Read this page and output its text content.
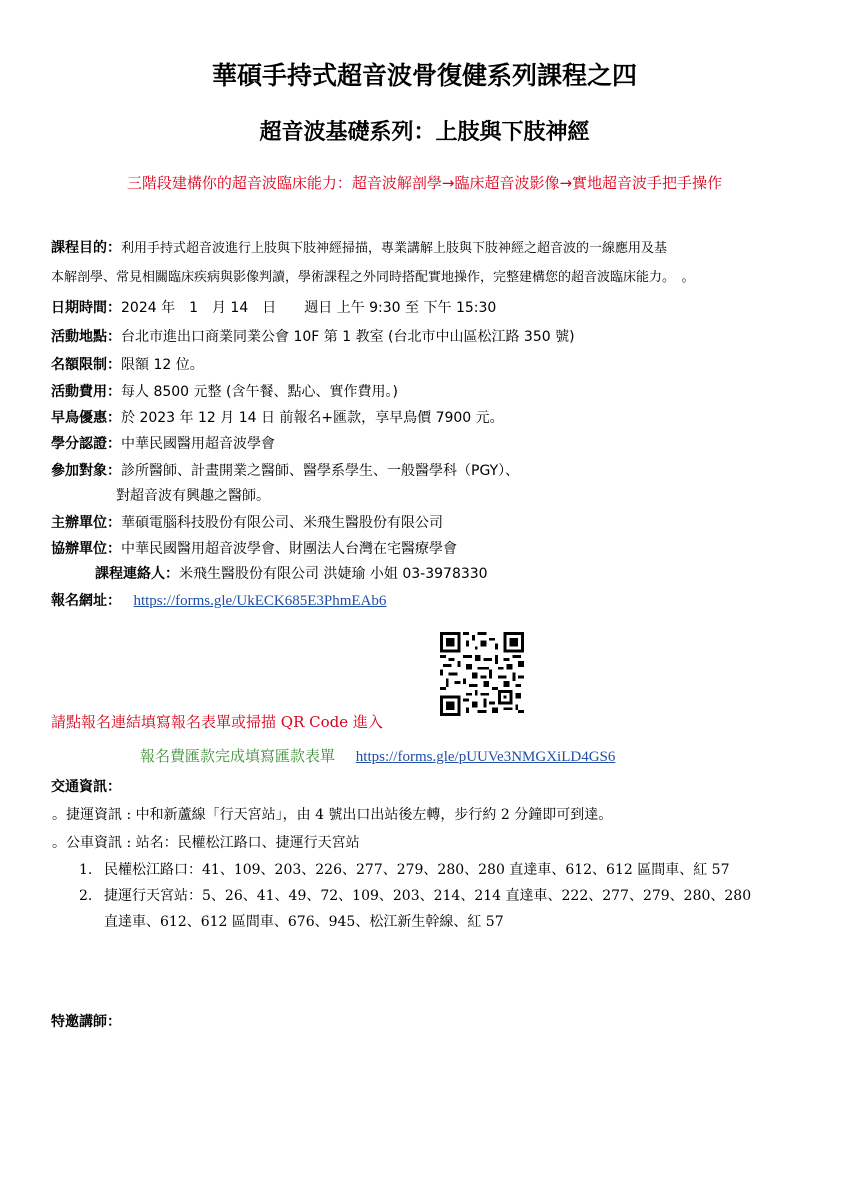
華碩手持式超音波骨復健系列課程之四
超音波基礎系列：上肢與下肢神經
三階段建構你的超音波臨床能力：超音波解剖學→臨床超音波影像→實地超音波手把手操作
課程目的：利用手持式超音波進行上肢與下肢神經掃描，專業講解上肢與下肢神經之超音波的一線應用及基
本解剖學、常見相關臨床疾病與影像判讀，學術課程之外同時搭配實地操作，完整建構您的超音波臨床能力。　。
日期時間：2024 年　1　月 14　日　　週日 上午 9:30 至 下午 15:30
活動地點：台北市進出口商業同業公會 10F 第 1 教室 (台北市中山區松江路 350 號)
名額限制：限額 12 位。
活動費用：每人 8500 元整 (含午餐、點心、實作費用。)
早鳥優惠：於 2023 年 12 月 14 日 前報名+匯款，享早鳥價 7900 元。
學分認證：中華民國醫用超音波學會
參加對象：診所醫師、計畫開業之醫師、醫學系學生、一般醫學科（PGY）、
對超音波有興趣之醫師。
主辦單位：華碩電腦科技股份有限公司、米飛生醫股份有限公司
協辦單位：中華民國醫用超音波學會、財團法人台灣在宅醫療學會
課程連絡人：米飛生醫股份有限公司 洪婕瑜 小姐 03-3978330
報名網址： https://forms.gle/UkECK685E3PhmEAb6
請點報名連結填寫報名表單或掃描 QR Code 進入
報名費匯款完成填寫匯款表單 https://forms.gle/pUUVe3NMGXiLD4GS6
交通資訊：
。捷運資訊 : 中和新蘆線「行天宮站」，由 4 號出口出站後左轉，步行約 2 分鐘即可到達。
。公車資訊 : 站名：民權松江路口、捷運行天宮站
1. 民權松江路口：41、109、203、226、277、279、280、280 直達車、612、612 區間車、紅 57
2. 捷運行天宮站：5、26、41、49、72、109、203、214、214 直達車、222、277、279、280、280
直達車、612、612 區間車、676、945、松江新生幹線、紅 57
特邀講師：
